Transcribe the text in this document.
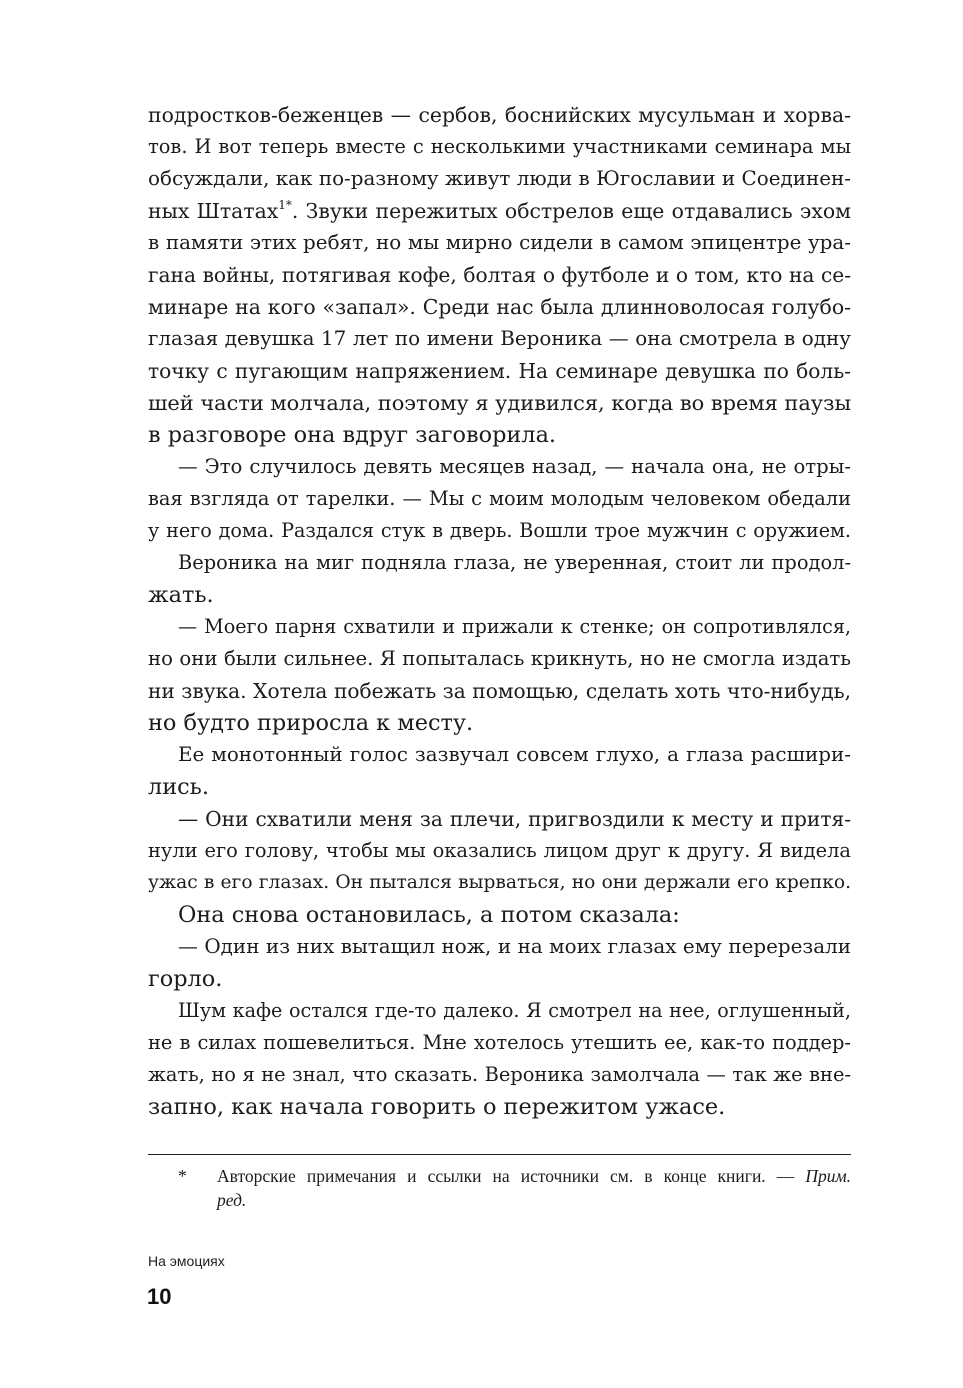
подростков-беженцев — сербов, боснийских мусульман и хорва-
тов. И вот теперь вместе с несколькими участниками семинара мы
обсуждали, как по-разному живут люди в Югославии и Соединен-
ных Штатах$^{1*}$. Звуки пережитых обстрелов еще отдавались эхом
в памяти этих ребят, но мы мирно сидели в самом эпицентре ура-
гана войны, потягивая кофе, болтая о футболе и о том, кто на се-
минаре на кого «запал». Среди нас была длинноволосая голубо-
глазая девушка 17 лет по имени Вероника — она смотрела в одну
точку с пугающим напряжением. На семинаре девушка по боль-
шей части молчала, поэтому я удивился, когда во время паузы
в разговоре она вдруг заговорила.
— Это случилось девять месяцев назад, — начала она, не отры-
вая взгляда от тарелки. — Мы с моим молодым человеком обедали
у него дома. Раздался стук в дверь. Вошли трое мужчин с оружием.
Вероника на миг подняла глаза, не уверенная, стоит ли продол-
жать.
— Моего парня схватили и прижали к стенке; он сопротивлялся,
но они были сильнее. Я попыталась крикнуть, но не смогла издать
ни звука. Хотела побежать за помощью, сделать хоть что-нибудь,
но будто приросла к месту.
Ее монотонный голос зазвучал совсем глухо, а глаза расшири-
лись.
— Они схватили меня за плечи, пригвоздили к месту и притя-
нули его голову, чтобы мы оказались лицом друг к другу. Я видела
ужас в его глазах. Он пытался вырваться, но они держали его крепко.
Она снова остановилась, а потом сказала:
— Один из них вытащил нож, и на моих глазах ему перерезали
горло.
Шум кафе остался где-то далеко. Я смотрел на нее, оглушенный,
не в силах пошевелиться. Мне хотелось утешить ее, как-то поддер-
жать, но я не знал, что сказать. Вероника замолчала — так же вне-
запно, как начала говорить о пережитом ужасе.
* Авторские примечания и ссылки на источники см. в конце книги. — Прим.
ред.
На эмоциях
10
